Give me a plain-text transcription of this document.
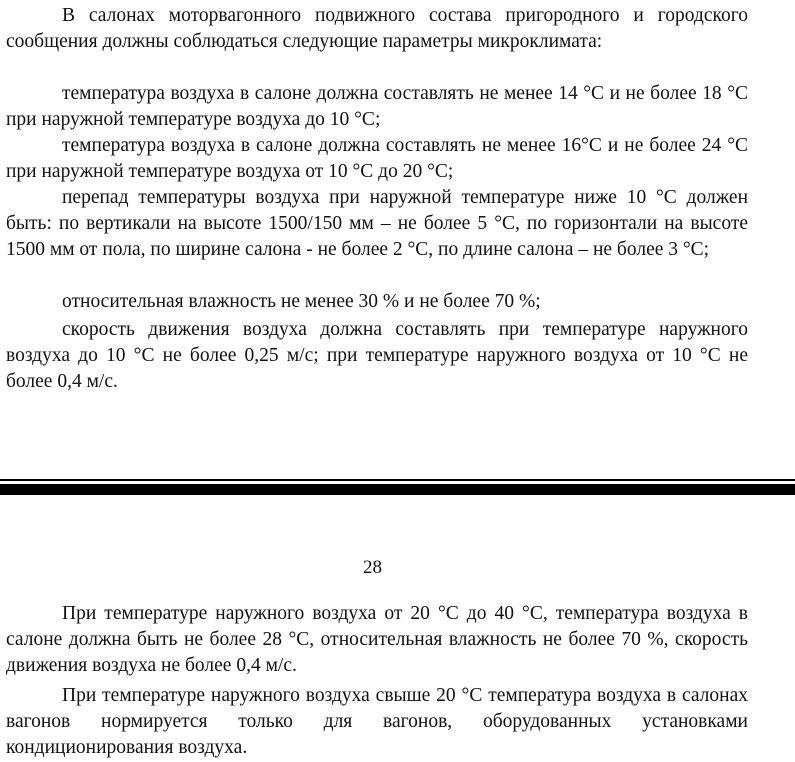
В салонах моторвагонного подвижного состава пригородного и городского сообщения должны соблюдаться следующие параметры микроклимата:

температура воздуха в салоне должна составлять не менее 14 °С и не более 18 °С при наружной температуре воздуха до 10 °С;

температура воздуха в салоне должна составлять не менее 16°С и не более 24 °С при наружной температуре воздуха от 10 °С до 20 °С;

перепад температуры воздуха при наружной температуре ниже 10 °С должен быть: по вертикали на высоте 1500/150 мм – не более 5 °С, по горизонтали на высоте 1500 мм от пола, по ширине салона - не более 2 °С, по длине салона – не более 3 °С;

относительная влажность не менее 30 % и не более 70 %;

скорость движения воздуха должна составлять при температуре наружного воздуха до 10 °С не более 0,25 м/с; при температуре наружного воздуха от 10 °С не более 0,4 м/с.

28

При температуре наружного воздуха от 20 °С до 40 °С, температура воздуха в салоне должна быть не более 28 °С, относительная влажность не более 70 %, скорость движения воздуха не более 0,4 м/с.

При температуре наружного воздуха свыше 20 °С температура воздуха в салонах вагонов нормируется только для вагонов, оборудованных установками кондиционирования воздуха.
